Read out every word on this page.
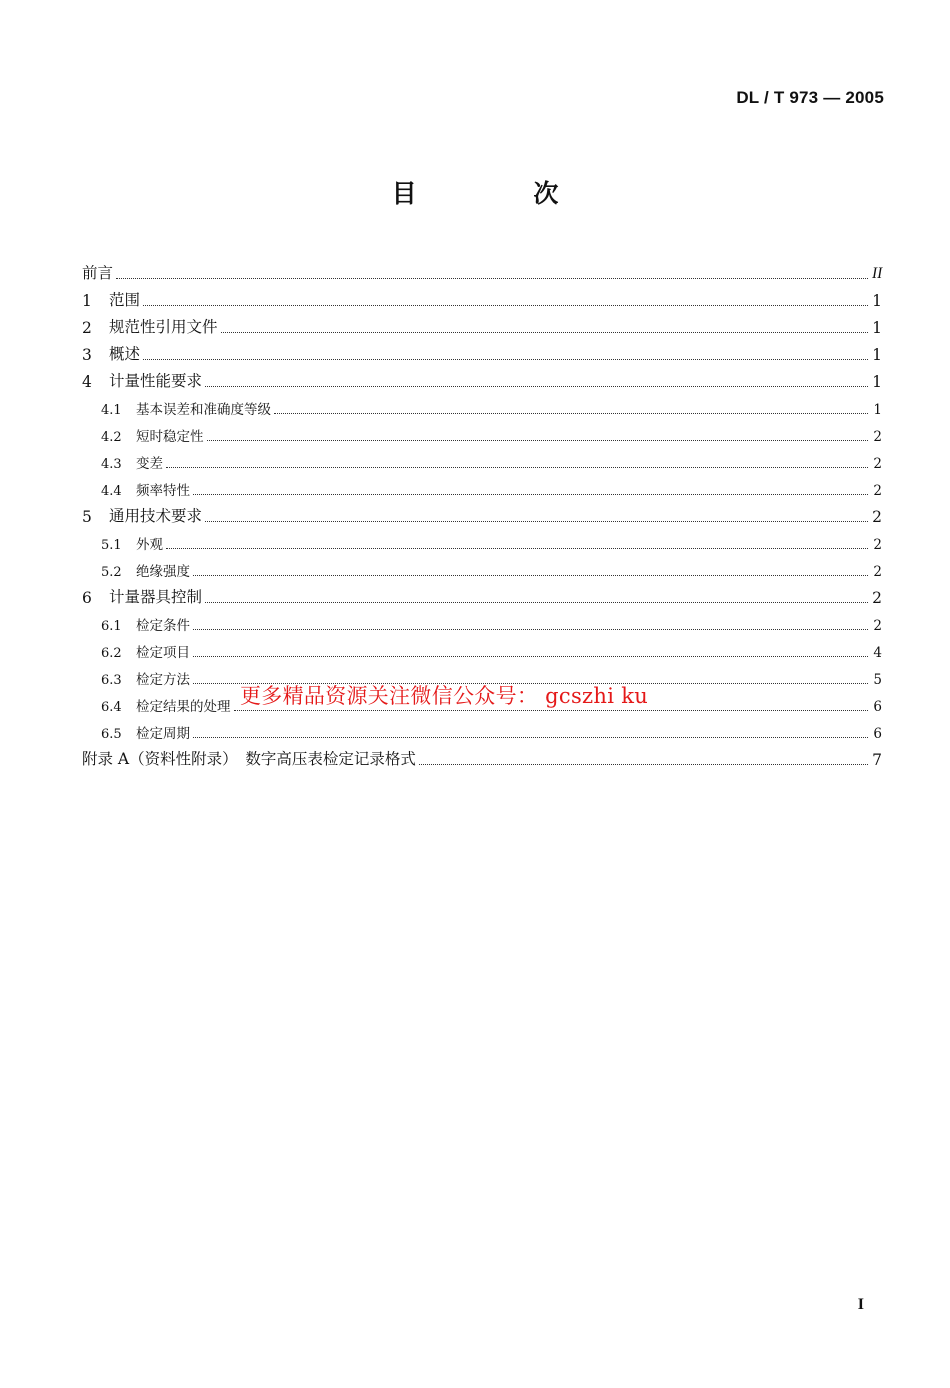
DL / T 973 — 2005
目 次
前言	II
1	范围	1
2	规范性引用文件	1
3	概述	1
4	计量性能要求	1
4.1	基本误差和准确度等级	1
4.2	短时稳定性	2
4.3	变差	2
4.4	频率特性	2
5	通用技术要求	2
5.1	外观	2
5.2	绝缘强度	2
6	计量器具控制	2
6.1	检定条件	2
6.2	检定项目	4
6.3	检定方法	5
6.4	检定结果的处理	6
6.5	检定周期	6
附录 A（资料性附录）　数字高压表检定记录格式	7
更多精品资源关注微信公众号： gcszhi ku
I
